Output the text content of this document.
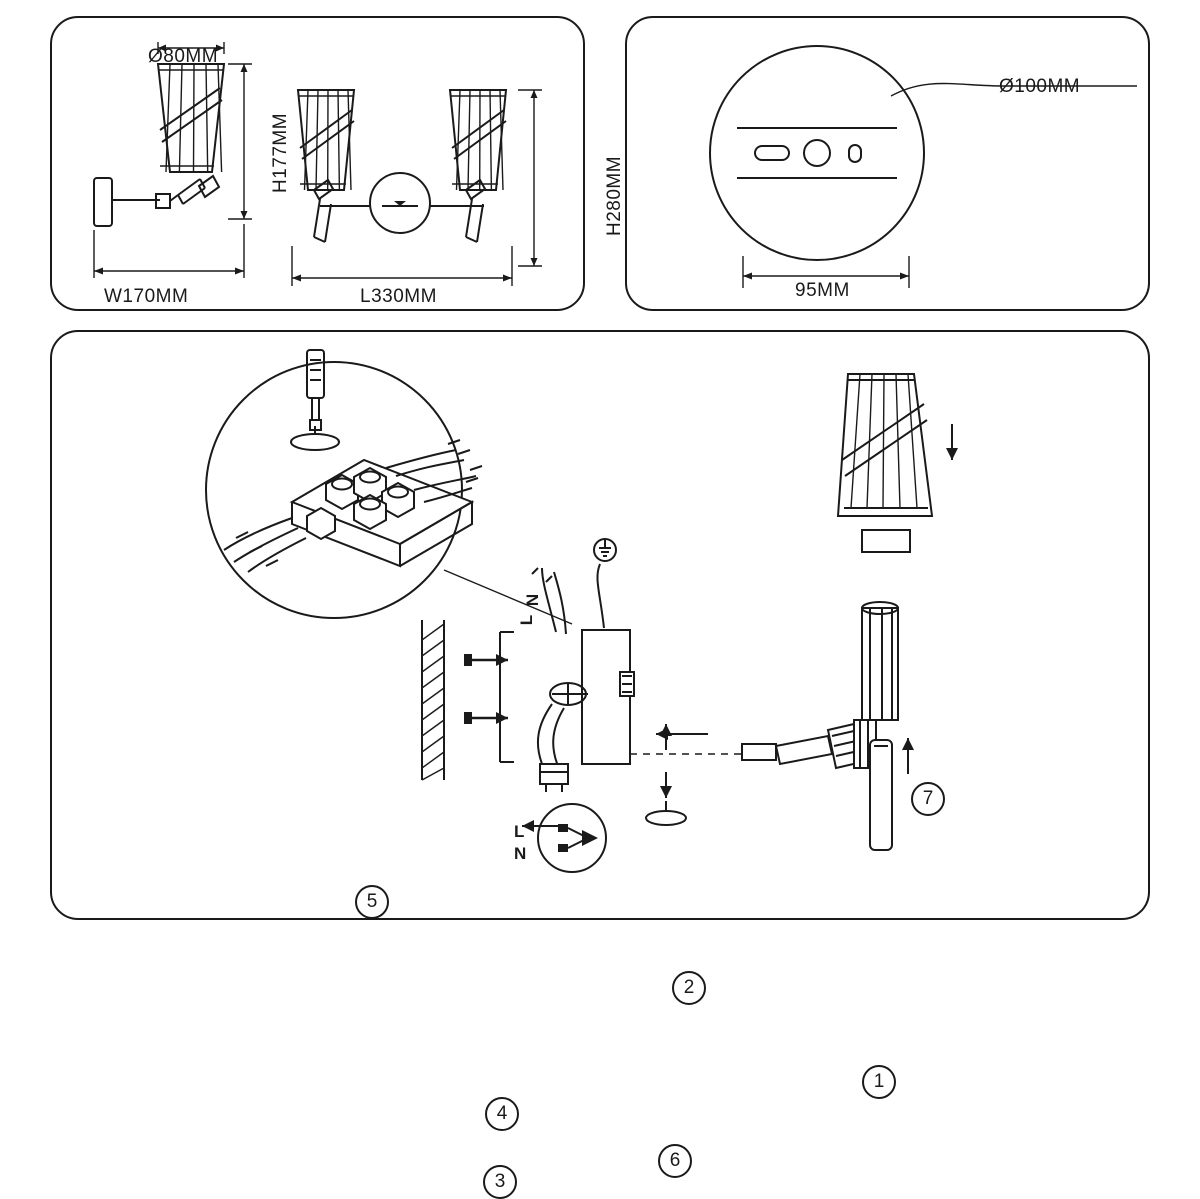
Ø80MM
H177MM
W170MM	L330MM
H280MM
Ø100MM
95MM
5
3
4
6
2
1
7
N
L
L
N
